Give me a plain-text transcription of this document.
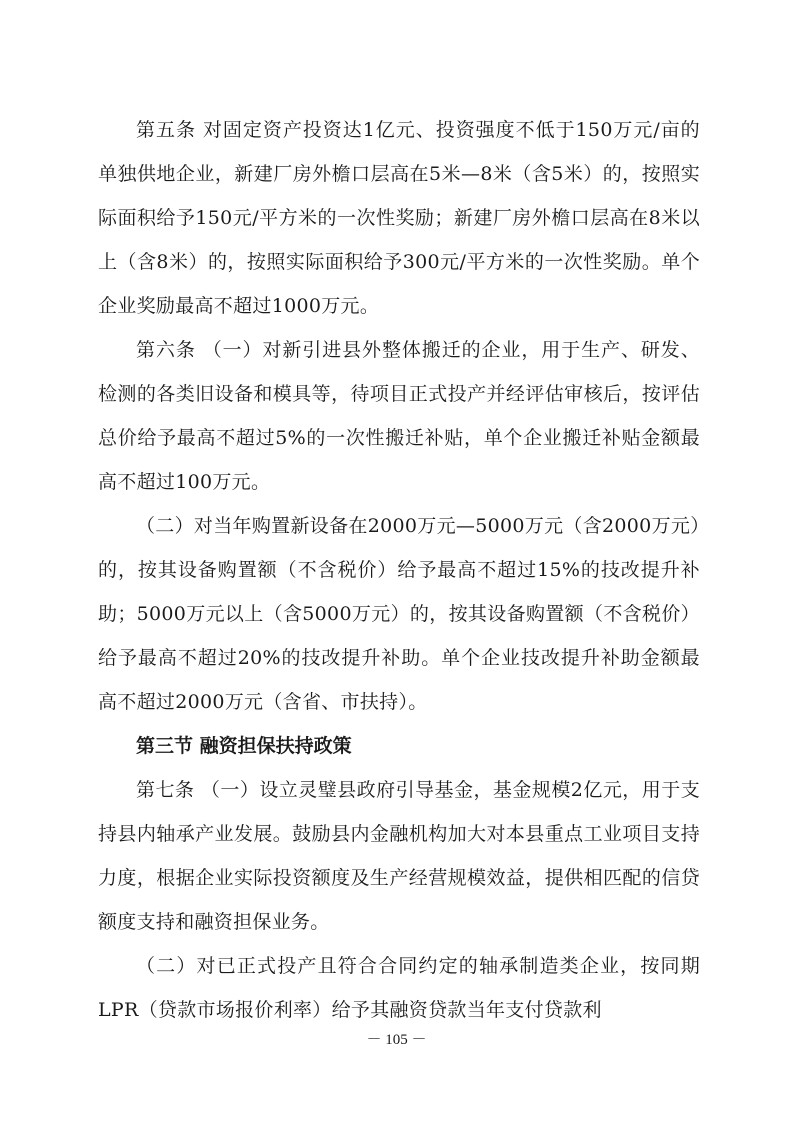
第五条 对固定资产投资达1亿元、投资强度不低于150万元/亩的单独供地企业，新建厂房外檐口层高在5米—8米（含5米）的，按照实际面积给予150元/平方米的一次性奖励；新建厂房外檐口层高在8米以上（含8米）的，按照实际面积给予300元/平方米的一次性奖励。单个企业奖励最高不超过1000万元。

第六条 （一）对新引进县外整体搬迁的企业，用于生产、研发、检测的各类旧设备和模具等，待项目正式投产并经评估审核后，按评估总价给予最高不超过5%的一次性搬迁补贴，单个企业搬迁补贴金额最高不超过100万元。

（二）对当年购置新设备在2000万元—5000万元（含2000万元）的，按其设备购置额（不含税价）给予最高不超过15%的技改提升补助；5000万元以上（含5000万元）的，按其设备购置额（不含税价）给予最高不超过20%的技改提升补助。单个企业技改提升补助金额最高不超过2000万元（含省、市扶持）。

第三节 融资担保扶持政策

第七条 （一）设立灵璧县政府引导基金，基金规模2亿元，用于支持县内轴承产业发展。鼓励县内金融机构加大对本县重点工业项目支持力度，根据企业实际投资额度及生产经营规模效益，提供相匹配的信贷额度支持和融资担保业务。

（二）对已正式投产且符合合同约定的轴承制造类企业，按同期LPR（贷款市场报价利率）给予其融资贷款当年支付贷款利

－ 105 －
